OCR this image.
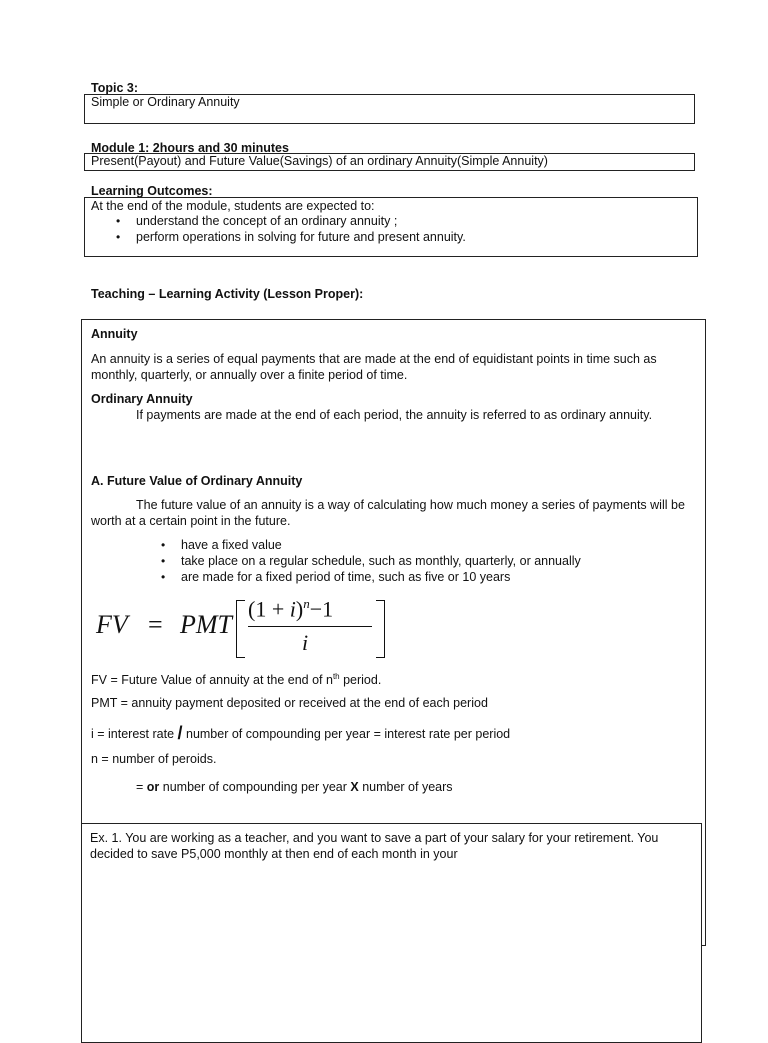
Topic 3:
Simple or Ordinary Annuity
Module 1: 2hours and 30 minutes
Present(Payout) and Future Value(Savings) of an ordinary Annuity(Simple Annuity)
Learning Outcomes:
At the end of the module, students are expected to:
• understand the concept of an ordinary annuity ;
• perform operations in solving for future and present annuity.
Teaching – Learning Activity (Lesson Proper):
Annuity

An annuity is a series of equal payments that are made at the end of equidistant points in time such as monthly, quarterly, or annually over a finite period of time.

Ordinary Annuity

If payments are made at the end of each period, the annuity is referred to as ordinary annuity.

A. Future Value of Ordinary Annuity

The future value of an annuity is a way of calculating how much money a series of payments will be worth at a certain point in the future.

• have a fixed value
• take place on a regular schedule, such as monthly, quarterly, or annually
• are made for a fixed period of time, such as five or 10 years
FV = PMT
$(1 + i)^n-1$
i
FV = Future Value of annuity at the end of $n^{th}$ period.
PMT = annuity payment deposited or received at the end of each period
i = interest rate / number of compounding per year = interest rate per period
n = number of peroids.
= or number of compounding per year X number of years

Ex. 1. You are working as a teacher, and you want to save a part of your salary for your retirement. You decided to save P5,000 monthly at then end of each month in your
